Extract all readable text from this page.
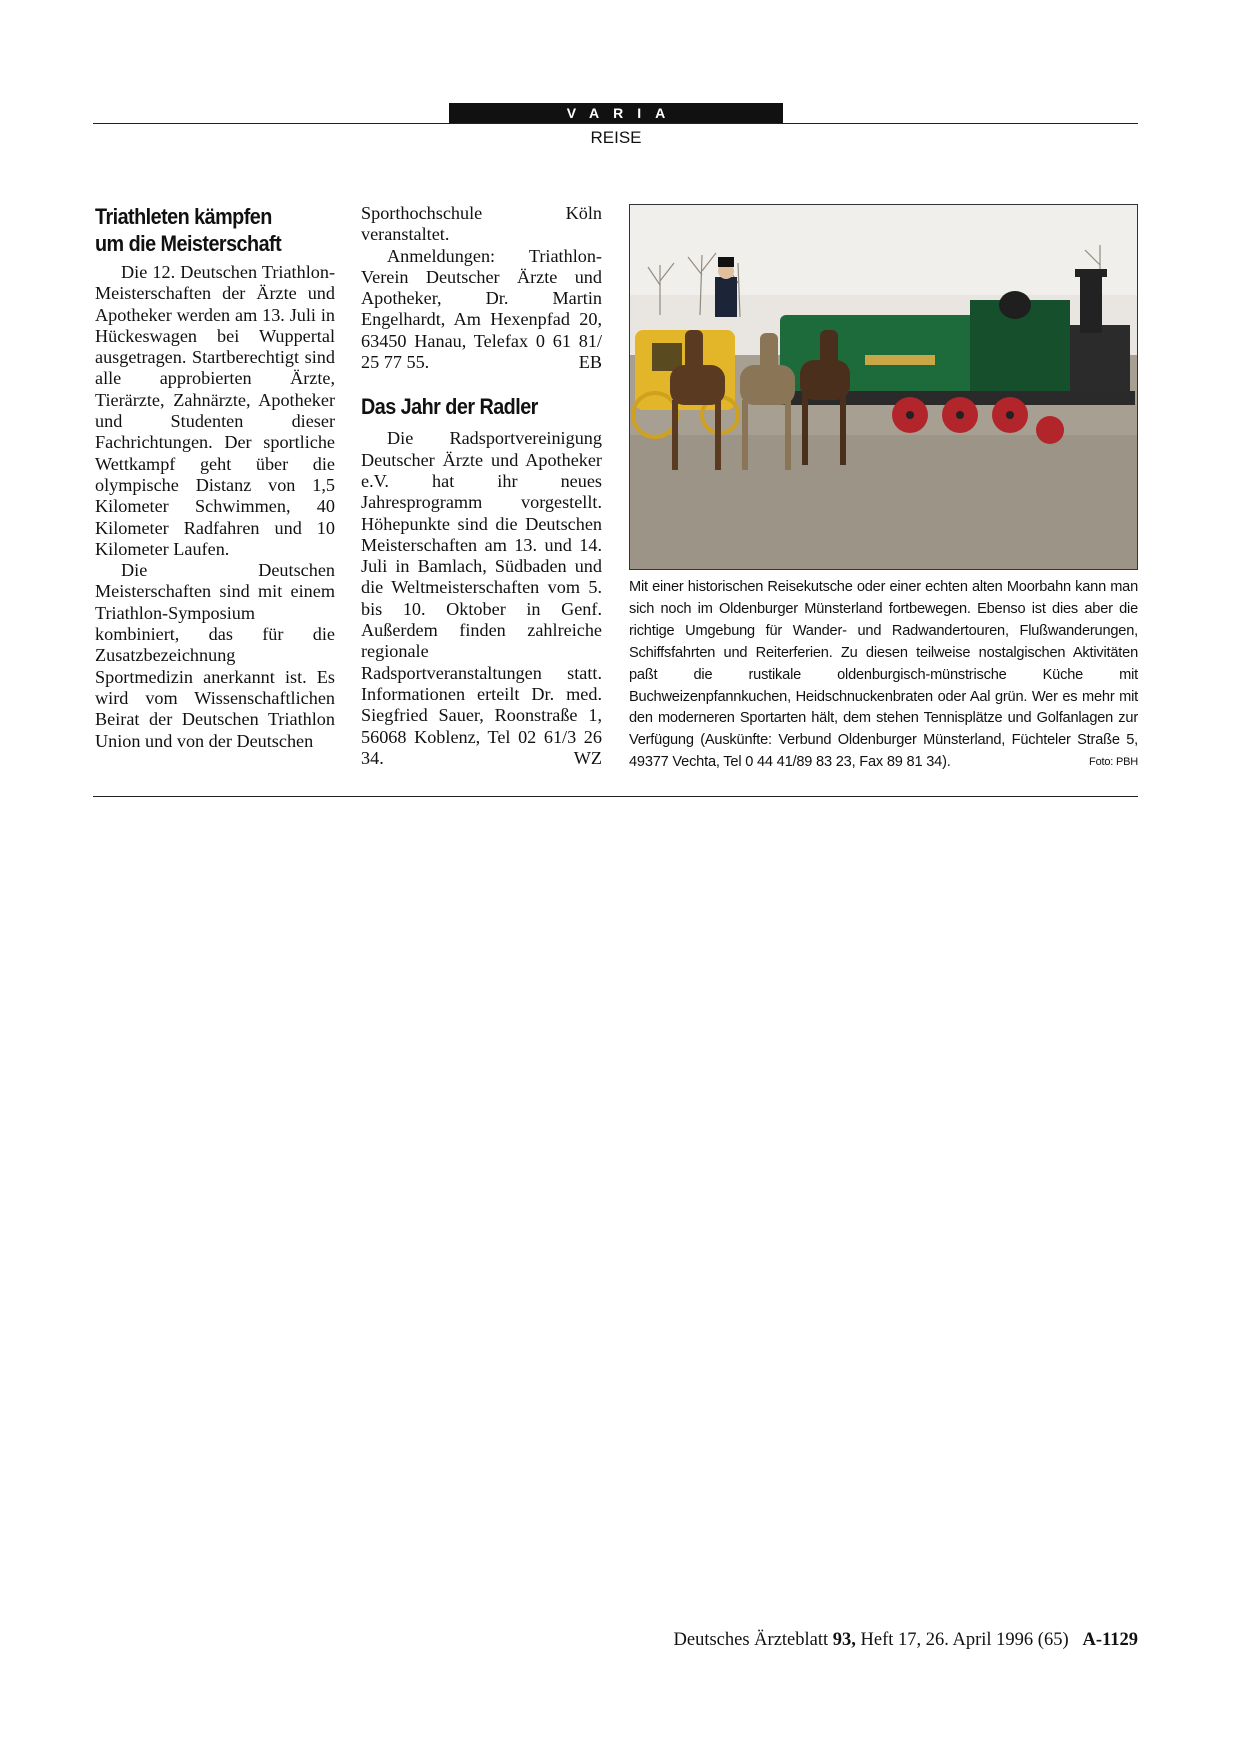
VARIA
REISE
Triathleten kämpfen
um die Meisterschaft

Die 12. Deutschen Triathlon-Meisterschaften der Ärzte und Apotheker werden am 13. Juli in Hückeswagen bei Wuppertal ausgetragen. Startberechtigt sind alle approbierten Ärzte, Tierärzte, Zahnärzte, Apotheker und Studenten dieser Fachrichtungen. Der sportliche Wettkampf geht über die olympische Distanz von 1,5 Kilometer Schwimmen, 40 Kilometer Radfahren und 10 Kilometer Laufen.

Die Deutschen Meisterschaften sind mit einem Triathlon-Symposium kombiniert, das für die Zusatzbezeichnung Sportmedizin anerkannt ist. Es wird vom Wissenschaftlichen Beirat der Deutschen Triathlon Union und von der Deutschen

Sporthochschule Köln veranstaltet.

Anmeldungen: Triathlon-Verein Deutscher Ärzte und Apotheker, Dr. Martin Engelhardt, Am Hexenpfad 20, 63450 Hanau, Telefax 0 61 81/ 25 77 55.	EB

Das Jahr der Radler

Die Radsportvereinigung Deutscher Ärzte und Apotheker e.V. hat ihr neues Jahresprogramm vorgestellt. Höhepunkte sind die Deutschen Meisterschaften am 13. und 14. Juli in Bamlach, Südbaden und die Weltmeisterschaften vom 5. bis 10. Oktober in Genf. Außerdem finden zahlreiche regionale Radsportveranstaltungen statt. Informationen erteilt Dr. med. Siegfried Sauer, Roonstraße 1, 56068 Koblenz, Tel 02 61/3 26 34.	WZ

Mit einer historischen Reisekutsche oder einer echten alten Moorbahn kann man sich noch im Oldenburger Münsterland fortbewegen. Ebenso ist dies aber die richtige Umgebung für Wander- und Radwandertouren, Flußwanderungen, Schiffsfahrten und Reiterferien. Zu diesen teilweise nostalgischen Aktivitäten paßt die rustikale oldenburgisch-münstrische Küche mit Buchweizenpfannkuchen, Heidschnuckenbraten oder Aal grün. Wer es mehr mit den moderneren Sportarten hält, dem stehen Tennisplätze und Golfanlagen zur Verfügung (Auskünfte: Verbund Oldenburger Münsterland, Füchteler Straße 5, 49377 Vechta, Tel 0 44 41/89 83 23, Fax 89 81 34).	Foto: PBH
Deutsches Ärzteblatt 93, Heft 17, 26. April 1996 (65) A-1129
